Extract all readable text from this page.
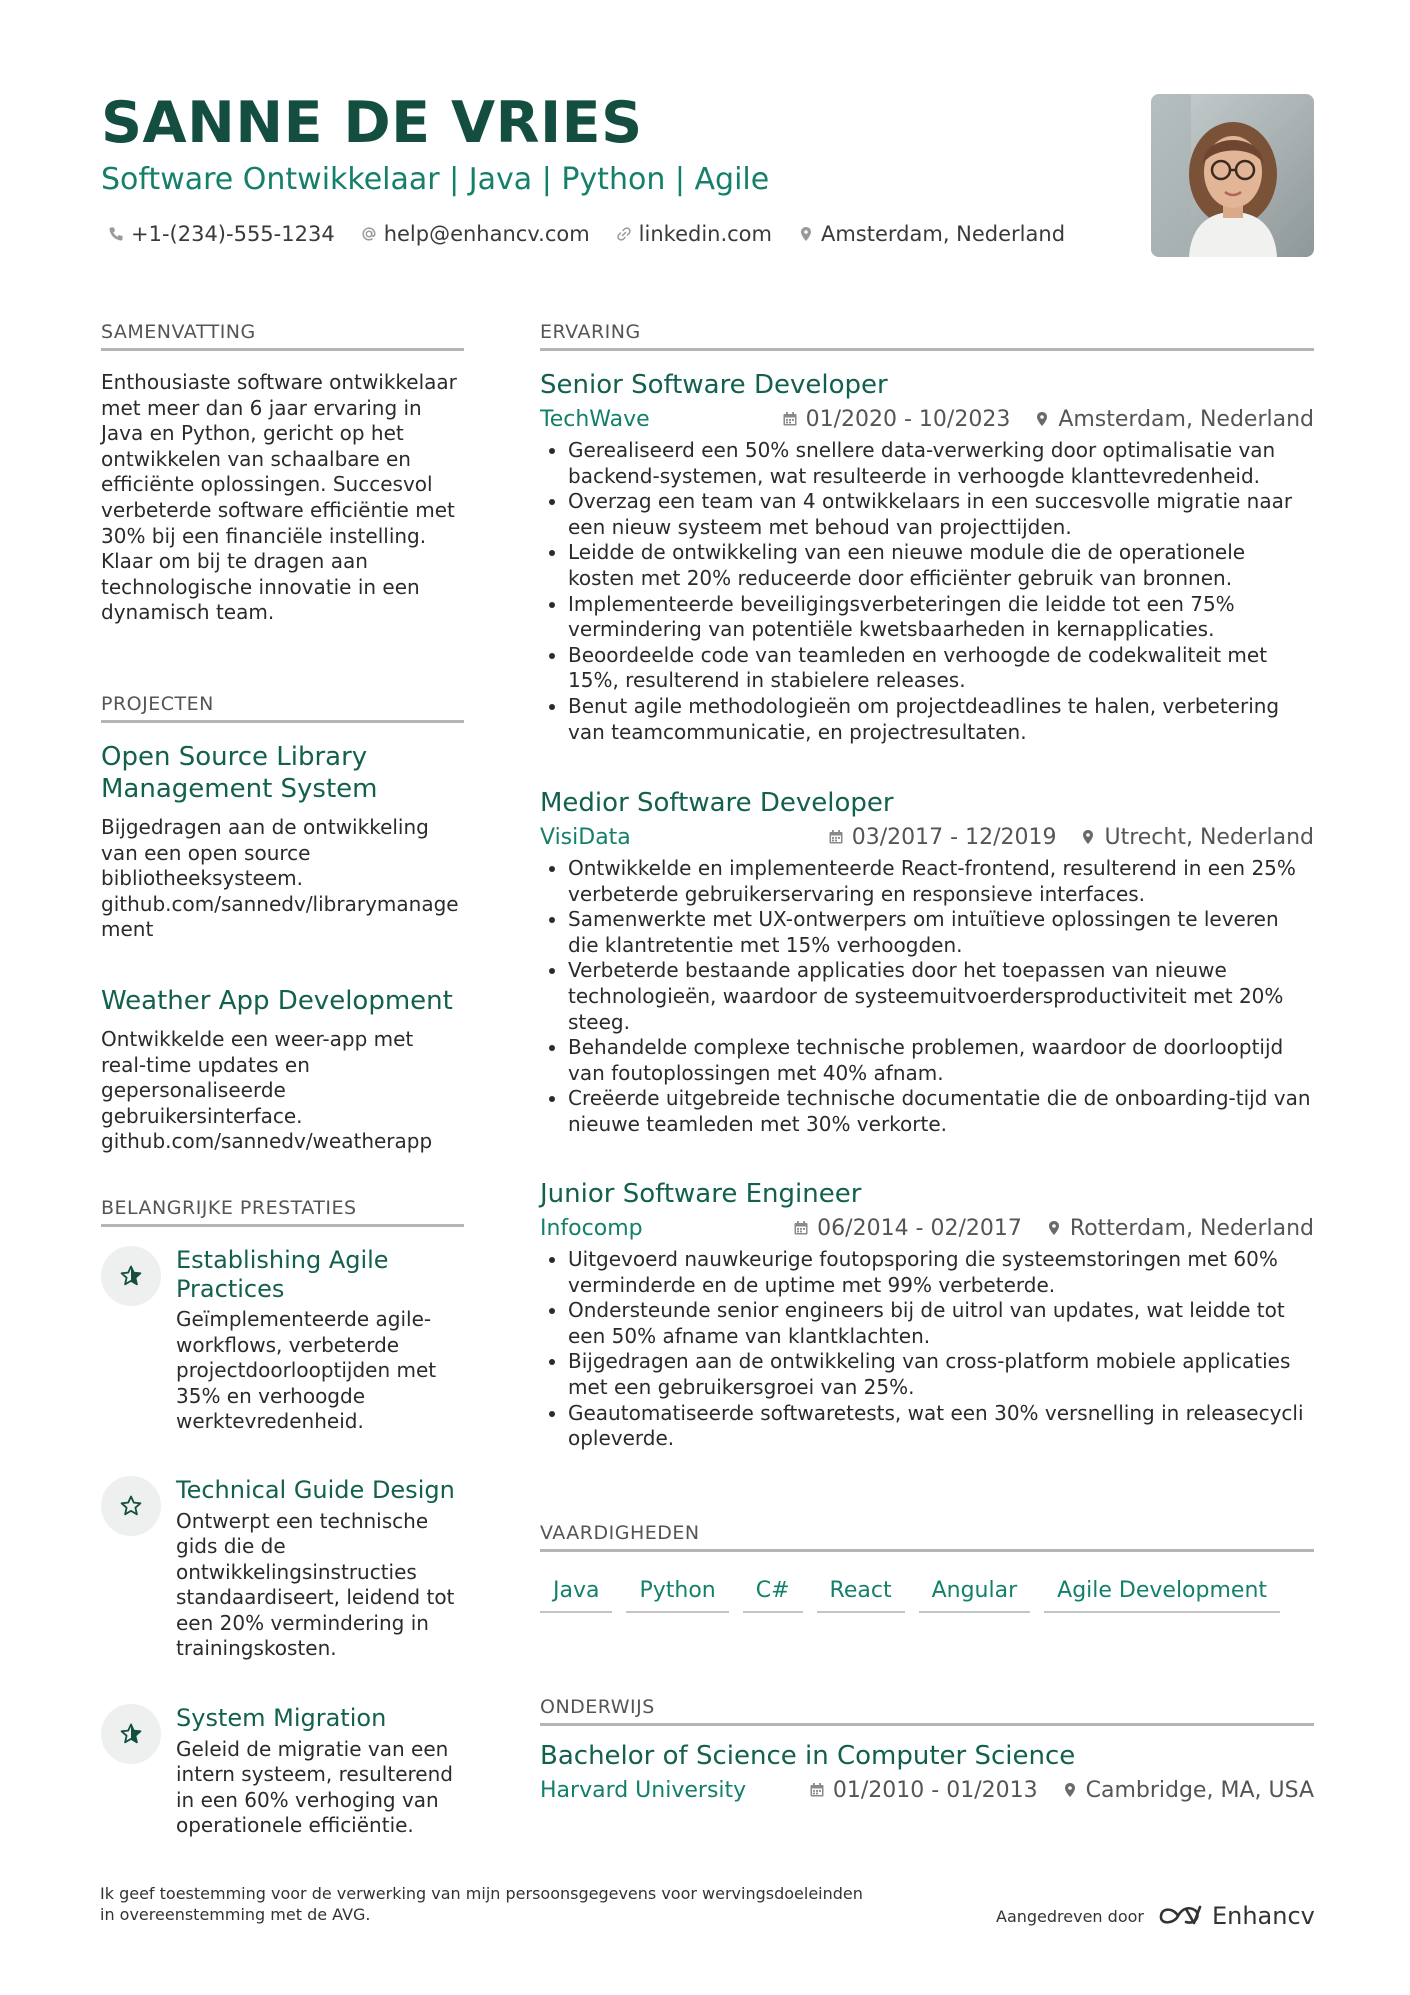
SANNE DE VRIES
Software Ontwikkelaar | Java | Python | Agile
+1-(234)-555-1234 help@enhancv.com linkedin.com Amsterdam, Nederland
SAMENVATTING
Enthousiaste software ontwikkelaar met meer dan 6 jaar ervaring in Java en Python, gericht op het ontwikkelen van schaalbare en efficiënte oplossingen. Succesvol verbeterde software efficiëntie met 30% bij een financiële instelling. Klaar om bij te dragen aan technologische innovatie in een dynamisch team.
PROJECTEN
Open Source Library Management System
Bijgedragen aan de ontwikkeling van een open source bibliotheeksysteem.
github.com/sannedv/librarymanagement
Weather App Development
Ontwikkelde een weer-app met real-time updates en gepersonaliseerde gebruikersinterface.
github.com/sannedv/weatherapp
BELANGRIJKE PRESTATIES
Establishing Agile Practices
Geïmplementeerde agile-workflows, verbeterde projectdoorlooptijden met 35% en verhoogde werktevredenheid.
Technical Guide Design
Ontwerpt een technische gids die de ontwikkelingsinstructies standaardiseert, leidend tot een 20% vermindering in trainingskosten.
System Migration
Geleid de migratie van een intern systeem, resulterend in een 60% verhoging van operationele efficiëntie.
ERVARING
Senior Software Developer
TechWave	01/2020 - 10/2023 Amsterdam, Nederland
• Gerealiseerd een 50% snellere data-verwerking door optimalisatie van backend-systemen, wat resulteerde in verhoogde klanttevredenheid.
• Overzag een team van 4 ontwikkelaars in een succesvolle migratie naar een nieuw systeem met behoud van projecttijden.
• Leidde de ontwikkeling van een nieuwe module die de operationele kosten met 20% reduceerde door efficiënter gebruik van bronnen.
• Implementeerde beveiligingsverbeteringen die leidde tot een 75% vermindering van potentiële kwetsbaarheden in kernapplicaties.
• Beoordeelde code van teamleden en verhoogde de codekwaliteit met 15%, resulterend in stabielere releases.
• Benut agile methodologieën om projectdeadlines te halen, verbetering van teamcommunicatie, en projectresultaten.
Medior Software Developer
VisiData	03/2017 - 12/2019 Utrecht, Nederland
• Ontwikkelde en implementeerde React-frontend, resulterend in een 25% verbeterde gebruikerservaring en responsieve interfaces.
• Samenwerkte met UX-ontwerpers om intuïtieve oplossingen te leveren die klantretentie met 15% verhoogden.
• Verbeterde bestaande applicaties door het toepassen van nieuwe technologieën, waardoor de systeemuitvoerdersproductiviteit met 20% steeg.
• Behandelde complexe technische problemen, waardoor de doorlooptijd van foutoplossingen met 40% afnam.
• Creëerde uitgebreide technische documentatie die de onboarding-tijd van nieuwe teamleden met 30% verkorte.
Junior Software Engineer
Infocomp	06/2014 - 02/2017 Rotterdam, Nederland
• Uitgevoerd nauwkeurige foutopsporing die systeemstoringen met 60% verminderde en de uptime met 99% verbeterde.
• Ondersteunde senior engineers bij de uitrol van updates, wat leidde tot een 50% afname van klantklachten.
• Bijgedragen aan de ontwikkeling van cross-platform mobiele applicaties met een gebruikersgroei van 25%.
• Geautomatiseerde softwaretests, wat een 30% versnelling in releasecycli opleverde.
VAARDIGHEDEN
Java	Python	C#	React	Angular	Agile Development
ONDERWIJS
Bachelor of Science in Computer Science
Harvard University	01/2010 - 01/2013 Cambridge, MA, USA
Ik geef toestemming voor de verwerking van mijn persoonsgegevens voor wervingsdoeleinden in overeenstemming met de AVG.	Aangedreven door	Enhancv
